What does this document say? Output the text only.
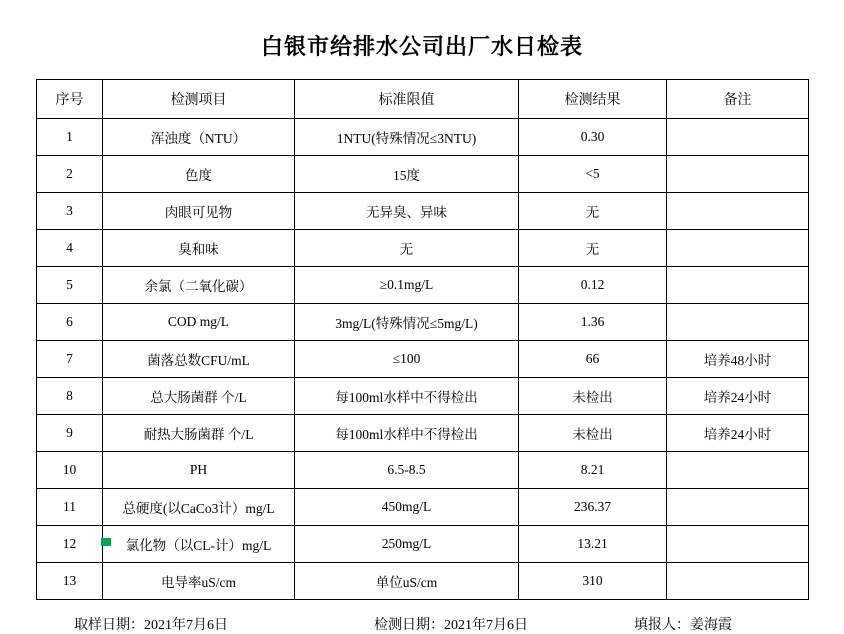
白银市给排水公司出厂水日检表
序号	检测项目	标准限值	检测结果	备注
1	浑浊度（NTU）	1NTU(特殊情况≤3NTU)	0.30	
2	色度	15度	<5	
3	肉眼可见物	无异臭、异味	无	
4	臭和味	无	无	
5	余氯（二氧化碳）	≥0.1mg/L	0.12	
6	COD mg/L	3mg/L(特殊情况≤5mg/L)	1.36	
7	菌落总数CFU/mL	≤100	66	培养48小时
8	总大肠菌群 个/L	每100ml水样中不得检出	未检出	培养24小时
9	耐热大肠菌群 个/L	每100ml水样中不得检出	未检出	培养24小时
10	PH	6.5-8.5	8.21	
11	总硬度(以CaCo3计）mg/L	450mg/L	236.37	
12	氯化物（以CL-计）mg/L	250mg/L	13.21	
13	电导率uS/cm	单位uS/cm	310	
取样日期：2021年7月6日	检测日期：2021年7月6日	填报人：姜海霞
